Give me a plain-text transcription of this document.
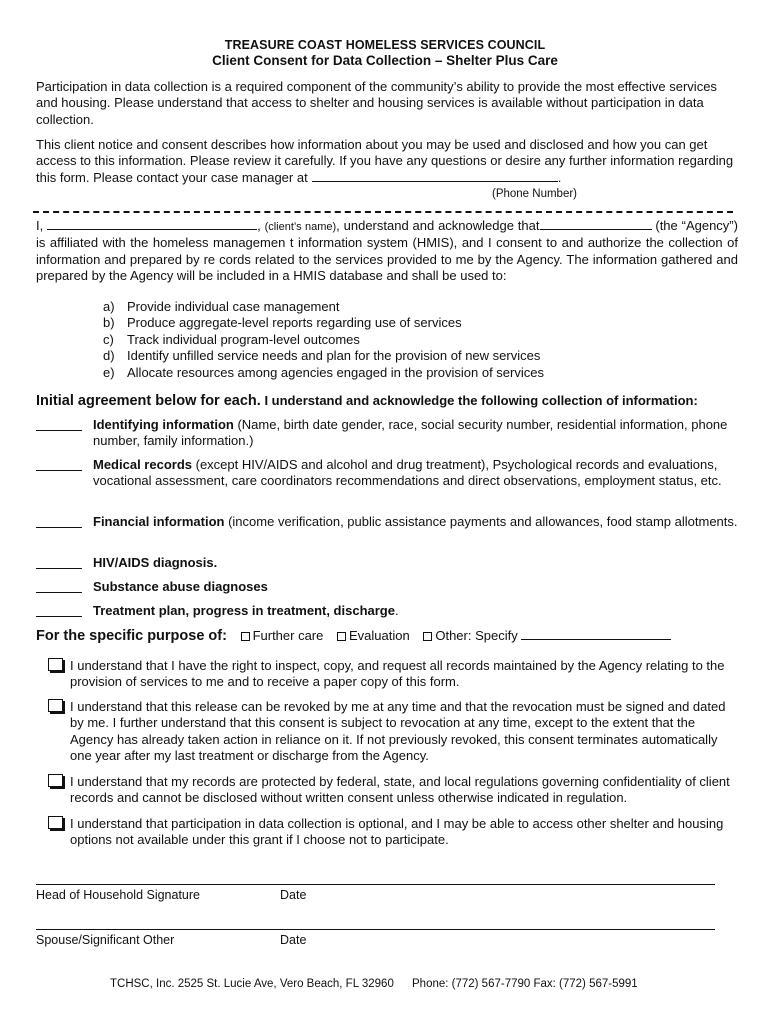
TREASURE COAST HOMELESS SERVICES COUNCIL
Client Consent for Data Collection – Shelter Plus Care
Participation in data collection is a required component of the community’s ability to provide the most effective services and housing. Please understand that access to shelter and housing services is available without participation in data collection.
This client notice and consent describes how information about you may be used and disclosed and how you can get access to this information. Please review it carefully. If you have any questions or desire any further information regarding this form. Please contact your case manager at	.
(Phone Number)
I,	, (client’s name), understand and acknowledge that	(the “Agency”) is affiliated with the homeless managemen t information system (HMIS), and I consent to and authorize the collection of information and prepared by re cords related to the services provided to me by the Agency. The information gathered and prepared by the Agency will be included in a HMIS database and shall be used to:
a) Provide individual case management
b) Produce aggregate-level reports regarding use of services
c) Track individual program-level outcomes
d) Identify unfilled service needs and plan for the provision of new services
e) Allocate resources among agencies engaged in the provision of services
Initial agreement below for each. I understand and acknowledge the following collection of information:
Identifying information (Name, birth date gender, race, social security number, residential information, phone number, family information.)
Medical records (except HIV/AIDS and alcohol and drug treatment), Psychological records and evaluations, vocational assessment, care coordinators recommendations and direct observations, employment status, etc.
Financial information (income verification, public assistance payments and allowances, food stamp allotments.
HIV/AIDS diagnosis.
Substance abuse diagnoses
Treatment plan, progress in treatment, discharge.
For the specific purpose of: Further care Evaluation Other: Specify
I understand that I have the right to inspect, copy, and request all records maintained by the Agency relating to the provision of services to me and to receive a paper copy of this form.
I understand that this release can be revoked by me at any time and that the revocation must be signed and dated by me. I further understand that this consent is subject to revocation at any time, except to the extent that the Agency has already taken action in reliance on it. If not previously revoked, this consent terminates automatically one year after my last treatment or discharge from the Agency.
I understand that my records are protected by federal, state, and local regulations governing confidentiality of client records and cannot be disclosed without written consent unless otherwise indicated in regulation.
I understand that participation in data collection is optional, and I may be able to access other shelter and housing options not available under this grant if I choose not to participate.
Head of Household Signature	Date
Spouse/Significant Other	Date
TCHSC, Inc. 2525 St. Lucie Ave, Vero Beach, FL 32960 Phone: (772) 567-7790 Fax: (772) 567-5991
